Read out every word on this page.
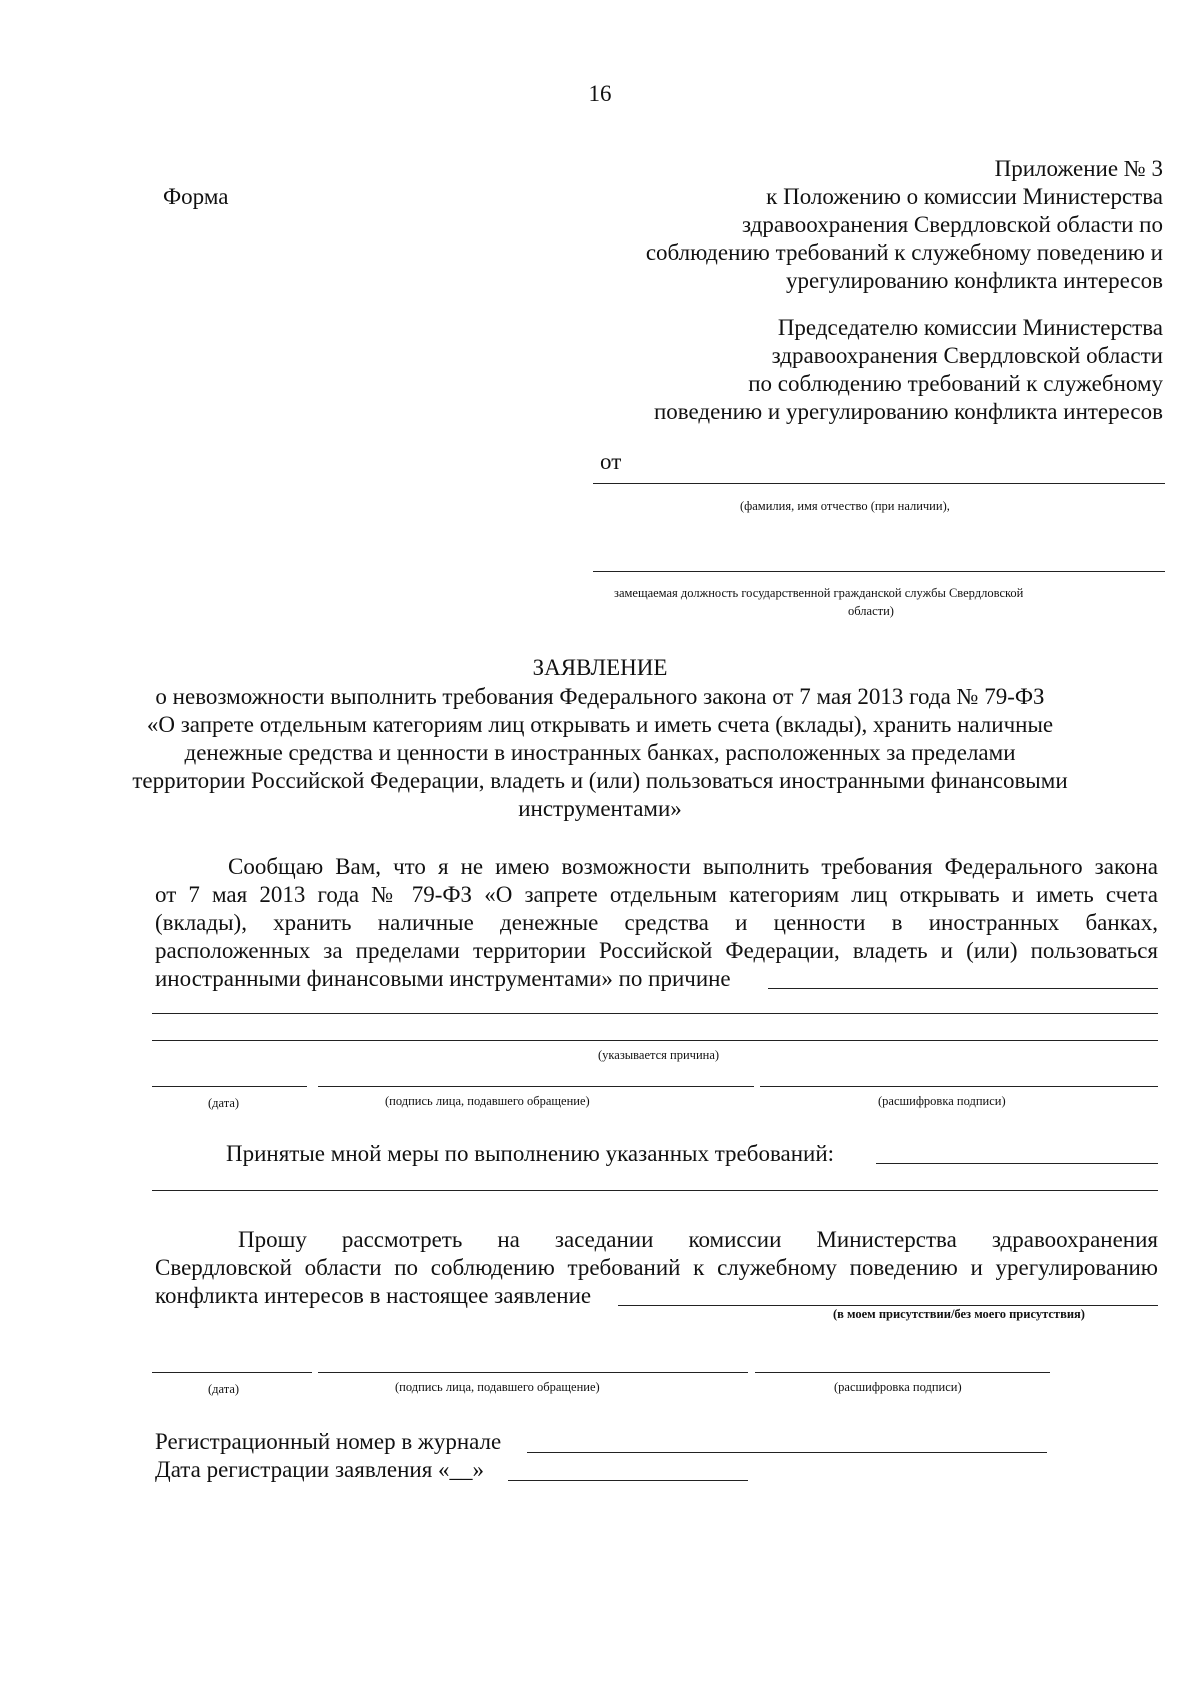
16
Форма
Приложение № 3
к Положению о комиссии Министерства
здравоохранения Свердловской области по
соблюдению требований к служебному поведению и
урегулированию конфликта интересов
Председателю комиссии Министерства
здравоохранения Свердловской области
по соблюдению требований к служебному
поведению и урегулированию конфликта интересов
от
(фамилия, имя отчество (при наличии),
замещаемая должность государственной гражданской службы Свердловской
области)
ЗАЯВЛЕНИЕ
о невозможности выполнить требования Федерального закона от 7 мая 2013 года № 79-ФЗ
«О запрете отдельным категориям лиц открывать и иметь счета (вклады), хранить наличные
денежные средства и ценности в иностранных банках, расположенных за пределами
территории Российской Федерации, владеть и (или) пользоваться иностранными финансовыми
инструментами»
Сообщаю Вам, что я не имею возможности выполнить требования Федерального закона
от 7 мая 2013 года № 79-ФЗ «О запрете отдельным категориям лиц открывать и иметь счета
(вклады), хранить наличные денежные средства и ценности в иностранных банках,
расположенных за пределами территории Российской Федерации, владеть и (или) пользоваться
иностранными финансовыми инструментами» по причине
(указывается причина)
(дата)	(подпись лица, подавшего обращение)	(расшифровка подписи)
Принятые мной меры по выполнению указанных требований:
Прошу рассмотреть на заседании комиссии Министерства здравоохранения
Свердловской области по соблюдению требований к служебному поведению и урегулированию
конфликта интересов в настоящее заявление
(в моем присутствии/без моего присутствия)
(дата)	(подпись лица, подавшего обращение)	(расшифровка подписи)
Регистрационный номер в журнале
Дата регистрации заявления «__»
